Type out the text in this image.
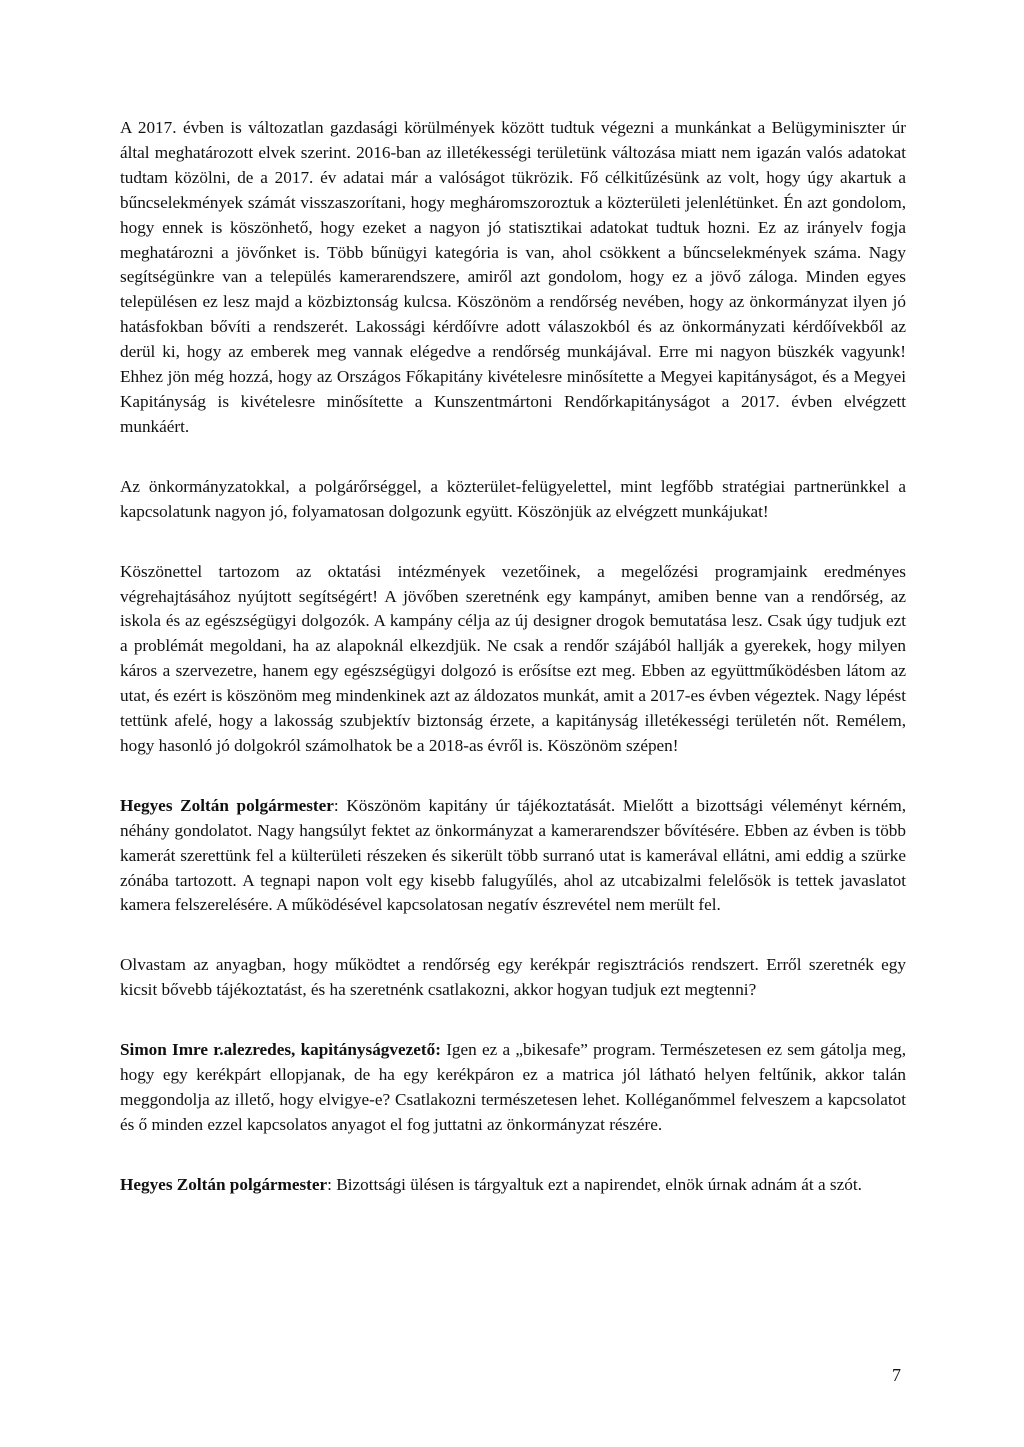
A 2017. évben is változatlan gazdasági körülmények között tudtuk végezni a munkánkat a Belügyminiszter úr által meghatározott elvek szerint. 2016-ban az illetékességi területünk változása miatt nem igazán valós adatokat tudtam közölni, de a 2017. év adatai már a valóságot tükrözik. Fő célkitűzésünk az volt, hogy úgy akartuk a bűncselekmények számát visszaszorítani, hogy megháromszoroztuk a közterületi jelenlétünket. Én azt gondolom, hogy ennek is köszönhető, hogy ezeket a nagyon jó statisztikai adatokat tudtuk hozni. Ez az irányelv fogja meghatározni a jövőnket is. Több bűnügyi kategória is van, ahol csökkent a bűncselekmények száma. Nagy segítségünkre van a település kamerarendszere, amiről azt gondolom, hogy ez a jövő záloga. Minden egyes településen ez lesz majd a közbiztonság kulcsa. Köszönöm a rendőrség nevében, hogy az önkormányzat ilyen jó hatásfokban bővíti a rendszerét. Lakossági kérdőívre adott válaszokból és az önkormányzati kérdőívekből az derül ki, hogy az emberek meg vannak elégedve a rendőrség munkájával. Erre mi nagyon büszkék vagyunk! Ehhez jön még hozzá, hogy az Országos Főkapitány kivételesre minősítette a Megyei kapitányságot, és a Megyei Kapitányság is kivételesre minősítette a Kunszentmártoni Rendőrkapitányságot a 2017. évben elvégzett munkáért.

Az önkormányzatokkal, a polgárőrséggel, a közterület-felügyelettel, mint legfőbb stratégiai partnerünkkel a kapcsolatunk nagyon jó, folyamatosan dolgozunk együtt. Köszönjük az elvégzett munkájukat!

Köszönettel tartozom az oktatási intézmények vezetőinek, a megelőzési programjaink eredményes végrehajtásához nyújtott segítségért! A jövőben szeretnénk egy kampányt, amiben benne van a rendőrség, az iskola és az egészségügyi dolgozók. A kampány célja az új designer drogok bemutatása lesz. Csak úgy tudjuk ezt a problémát megoldani, ha az alapoknál elkezdjük. Ne csak a rendőr szájából hallják a gyerekek, hogy milyen káros a szervezetre, hanem egy egészségügyi dolgozó is erősítse ezt meg. Ebben az együttműködésben látom az utat, és ezért is köszönöm meg mindenkinek azt az áldozatos munkát, amit a 2017-es évben végeztek. Nagy lépést tettünk afelé, hogy a lakosság szubjektív biztonság érzete, a kapitányság illetékességi területén nőt. Remélem, hogy hasonló jó dolgokról számolhatok be a 2018-as évről is. Köszönöm szépen!

Hegyes Zoltán polgármester: Köszönöm kapitány úr tájékoztatását. Mielőtt a bizottsági véleményt kérném, néhány gondolatot. Nagy hangsúlyt fektet az önkormányzat a kamerarendszer bővítésére. Ebben az évben is több kamerát szerettünk fel a külterületi részeken és sikerült több surranó utat is kamerával ellátni, ami eddig a szürke zónába tartozott. A tegnapi napon volt egy kisebb falugyűlés, ahol az utcabizalmi felelősök is tettek javaslatot kamera felszerelésére. A működésével kapcsolatosan negatív észrevétel nem merült fel.

Olvastam az anyagban, hogy működtet a rendőrség egy kerékpár regisztrációs rendszert. Erről szeretnék egy kicsit bővebb tájékoztatást, és ha szeretnénk csatlakozni, akkor hogyan tudjuk ezt megtenni?

Simon Imre r.alezredes, kapitányságvezető: Igen ez a „bikesafe” program. Természetesen ez sem gátolja meg, hogy egy kerékpárt ellopjanak, de ha egy kerékpáron ez a matrica jól látható helyen feltűnik, akkor talán meggondolja az illető, hogy elvigye-e? Csatlakozni természetesen lehet. Kolléganőmmel felveszem a kapcsolatot és ő minden ezzel kapcsolatos anyagot el fog juttatni az önkormányzat részére.

Hegyes Zoltán polgármester: Bizottsági ülésen is tárgyaltuk ezt a napirendet, elnök úrnak adnám át a szót.

7
